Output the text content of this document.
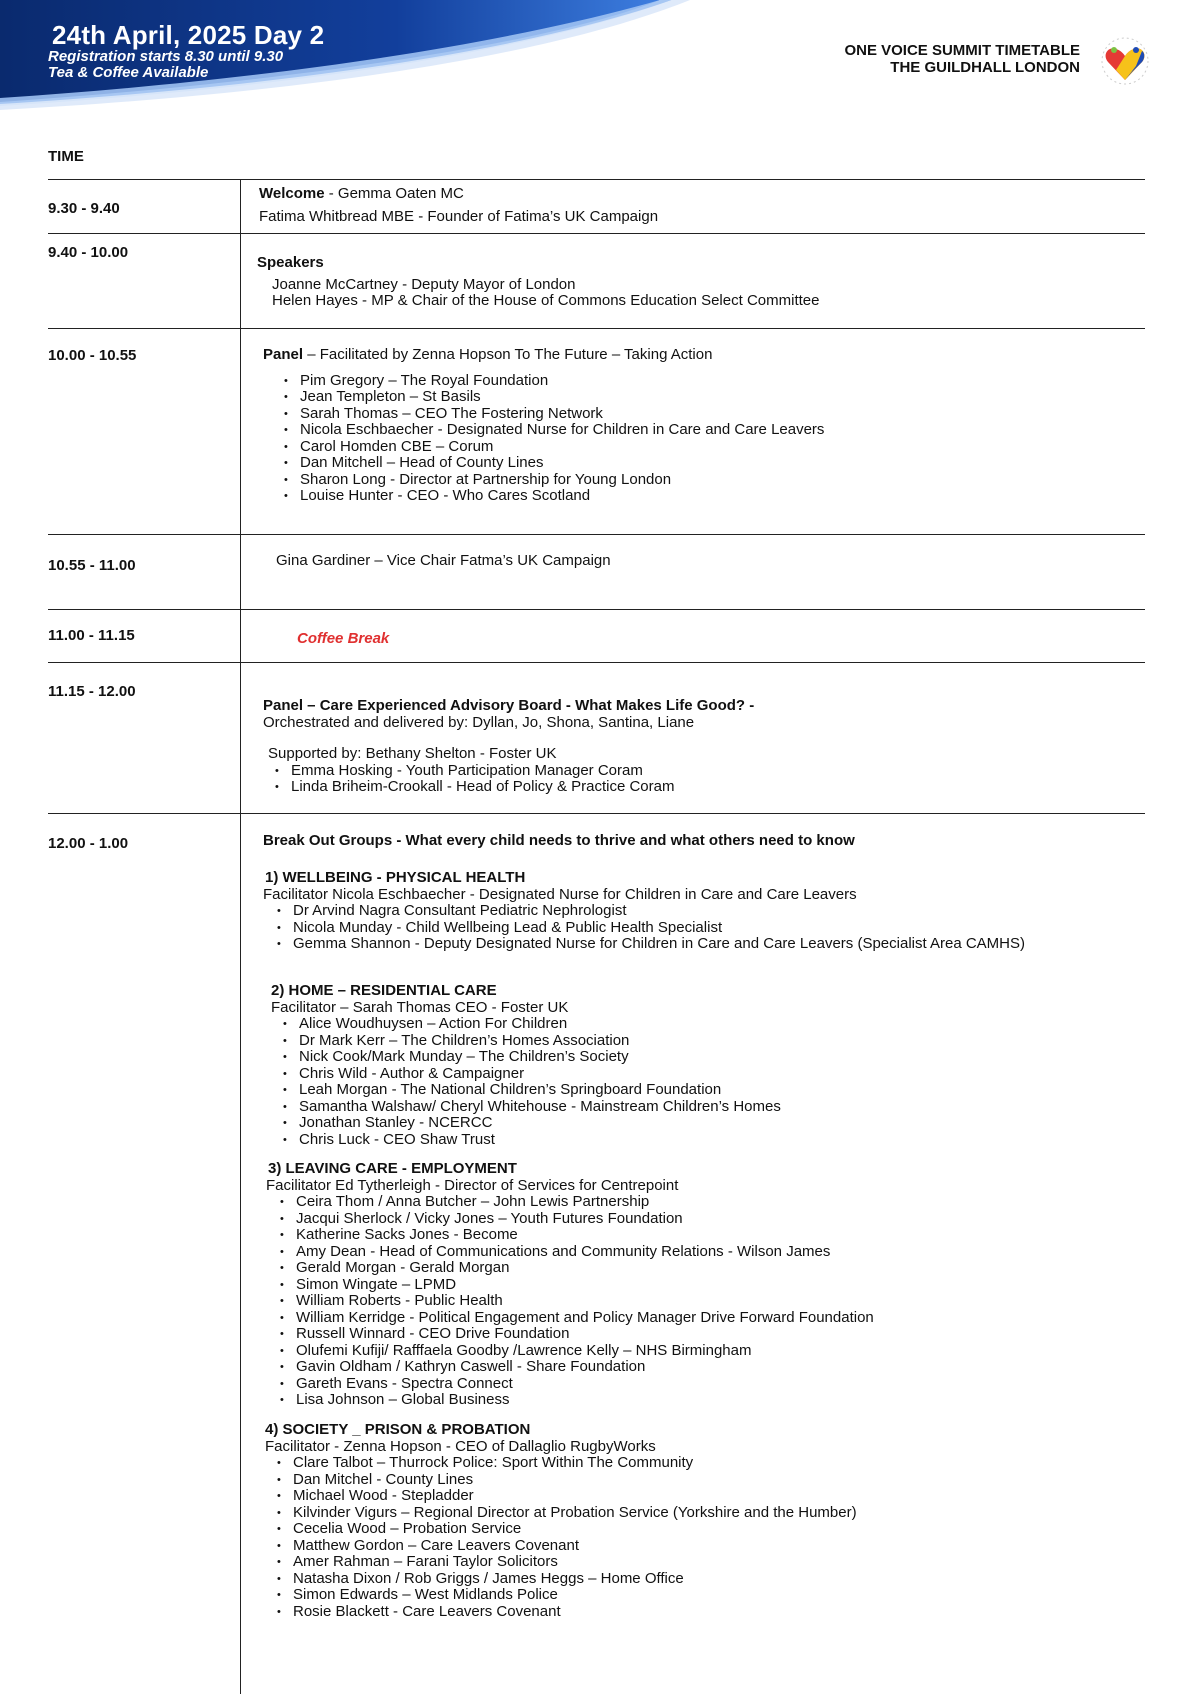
24th April, 2025 Day 2
Registration starts 8.30 until 9.30
Tea & Coffee Available
ONE VOICE SUMMIT TIMETABLE
THE GUILDHALL LONDON
TIME
9.30 - 9.40
Welcome - Gemma Oaten MC
Fatima Whitbread MBE - Founder of Fatima’s UK Campaign
9.40 - 10.00
Speakers
Joanne McCartney - Deputy Mayor of London
Helen Hayes - MP & Chair of the House of Commons Education Select Committee
10.00 - 10.55	Panel – Facilitated by Zenna Hopson To The Future – Taking Action
• Pim Gregory – The Royal Foundation
• Jean Templeton – St Basils
• Sarah Thomas – CEO The Fostering Network
• Nicola Eschbaecher - Designated Nurse for Children in Care and Care Leavers
• Carol Homden CBE – Corum
• Dan Mitchell – Head of County Lines
• Sharon Long - Director at Partnership for Young London
• Louise Hunter - CEO - Who Cares Scotland
10.55 - 11.00	Gina Gardiner – Vice Chair Fatma’s UK Campaign
11.00 - 11.15	Coffee Break
11.15 - 12.00
Panel – Care Experienced Advisory Board - What Makes Life Good? -
Orchestrated and delivered by: Dyllan, Jo, Shona, Santina, Liane
Supported by: Bethany Shelton - Foster UK
• Emma Hosking - Youth Participation Manager Coram
• Linda Briheim-Crookall - Head of Policy & Practice Coram
12.00 - 1.00	Break Out Groups - What every child needs to thrive and what others need to know
1) WELLBEING - PHYSICAL HEALTH
Facilitator Nicola Eschbaecher - Designated Nurse for Children in Care and Care Leavers
• Dr Arvind Nagra Consultant Pediatric Nephrologist
• Nicola Munday - Child Wellbeing Lead & Public Health Specialist
• Gemma Shannon - Deputy Designated Nurse for Children in Care and Care Leavers (Specialist Area CAMHS)
2) HOME – RESIDENTIAL CARE
Facilitator – Sarah Thomas CEO - Foster UK
• Alice Woudhuysen – Action For Children
• Dr Mark Kerr – The Children’s Homes Association
• Nick Cook/Mark Munday – The Children’s Society
• Chris Wild - Author & Campaigner
• Leah Morgan - The National Children’s Springboard Foundation
• Samantha Walshaw/ Cheryl Whitehouse - Mainstream Children’s Homes
• Jonathan Stanley - NCERCC
• Chris Luck - CEO Shaw Trust
3) LEAVING CARE - EMPLOYMENT
Facilitator Ed Tytherleigh - Director of Services for Centrepoint
• Ceira Thom / Anna Butcher – John Lewis Partnership
• Jacqui Sherlock / Vicky Jones – Youth Futures Foundation
• Katherine Sacks Jones - Become
• Amy Dean - Head of Communications and Community Relations - Wilson James
• Gerald Morgan - Gerald Morgan
• Simon Wingate – LPMD
• William Roberts - Public Health
• William Kerridge - Political Engagement and Policy Manager Drive Forward Foundation
• Russell Winnard - CEO Drive Foundation
• Olufemi Kufiji/ Rafffaela Goodby /Lawrence Kelly – NHS Birmingham
• Gavin Oldham / Kathryn Caswell - Share Foundation
• Gareth Evans - Spectra Connect
• Lisa Johnson – Global Business
4) SOCIETY _ PRISON & PROBATION
Facilitator - Zenna Hopson - CEO of Dallaglio RugbyWorks
• Clare Talbot – Thurrock Police: Sport Within The Community
• Dan Mitchel - County Lines
• Michael Wood - Stepladder
• Kilvinder Vigurs – Regional Director at Probation Service (Yorkshire and the Humber)
• Cecelia Wood – Probation Service
• Matthew Gordon – Care Leavers Covenant
• Amer Rahman – Farani Taylor Solicitors
• Natasha Dixon / Rob Griggs / James Heggs – Home Office
• Simon Edwards – West Midlands Police
• Rosie Blackett - Care Leavers Covenant
